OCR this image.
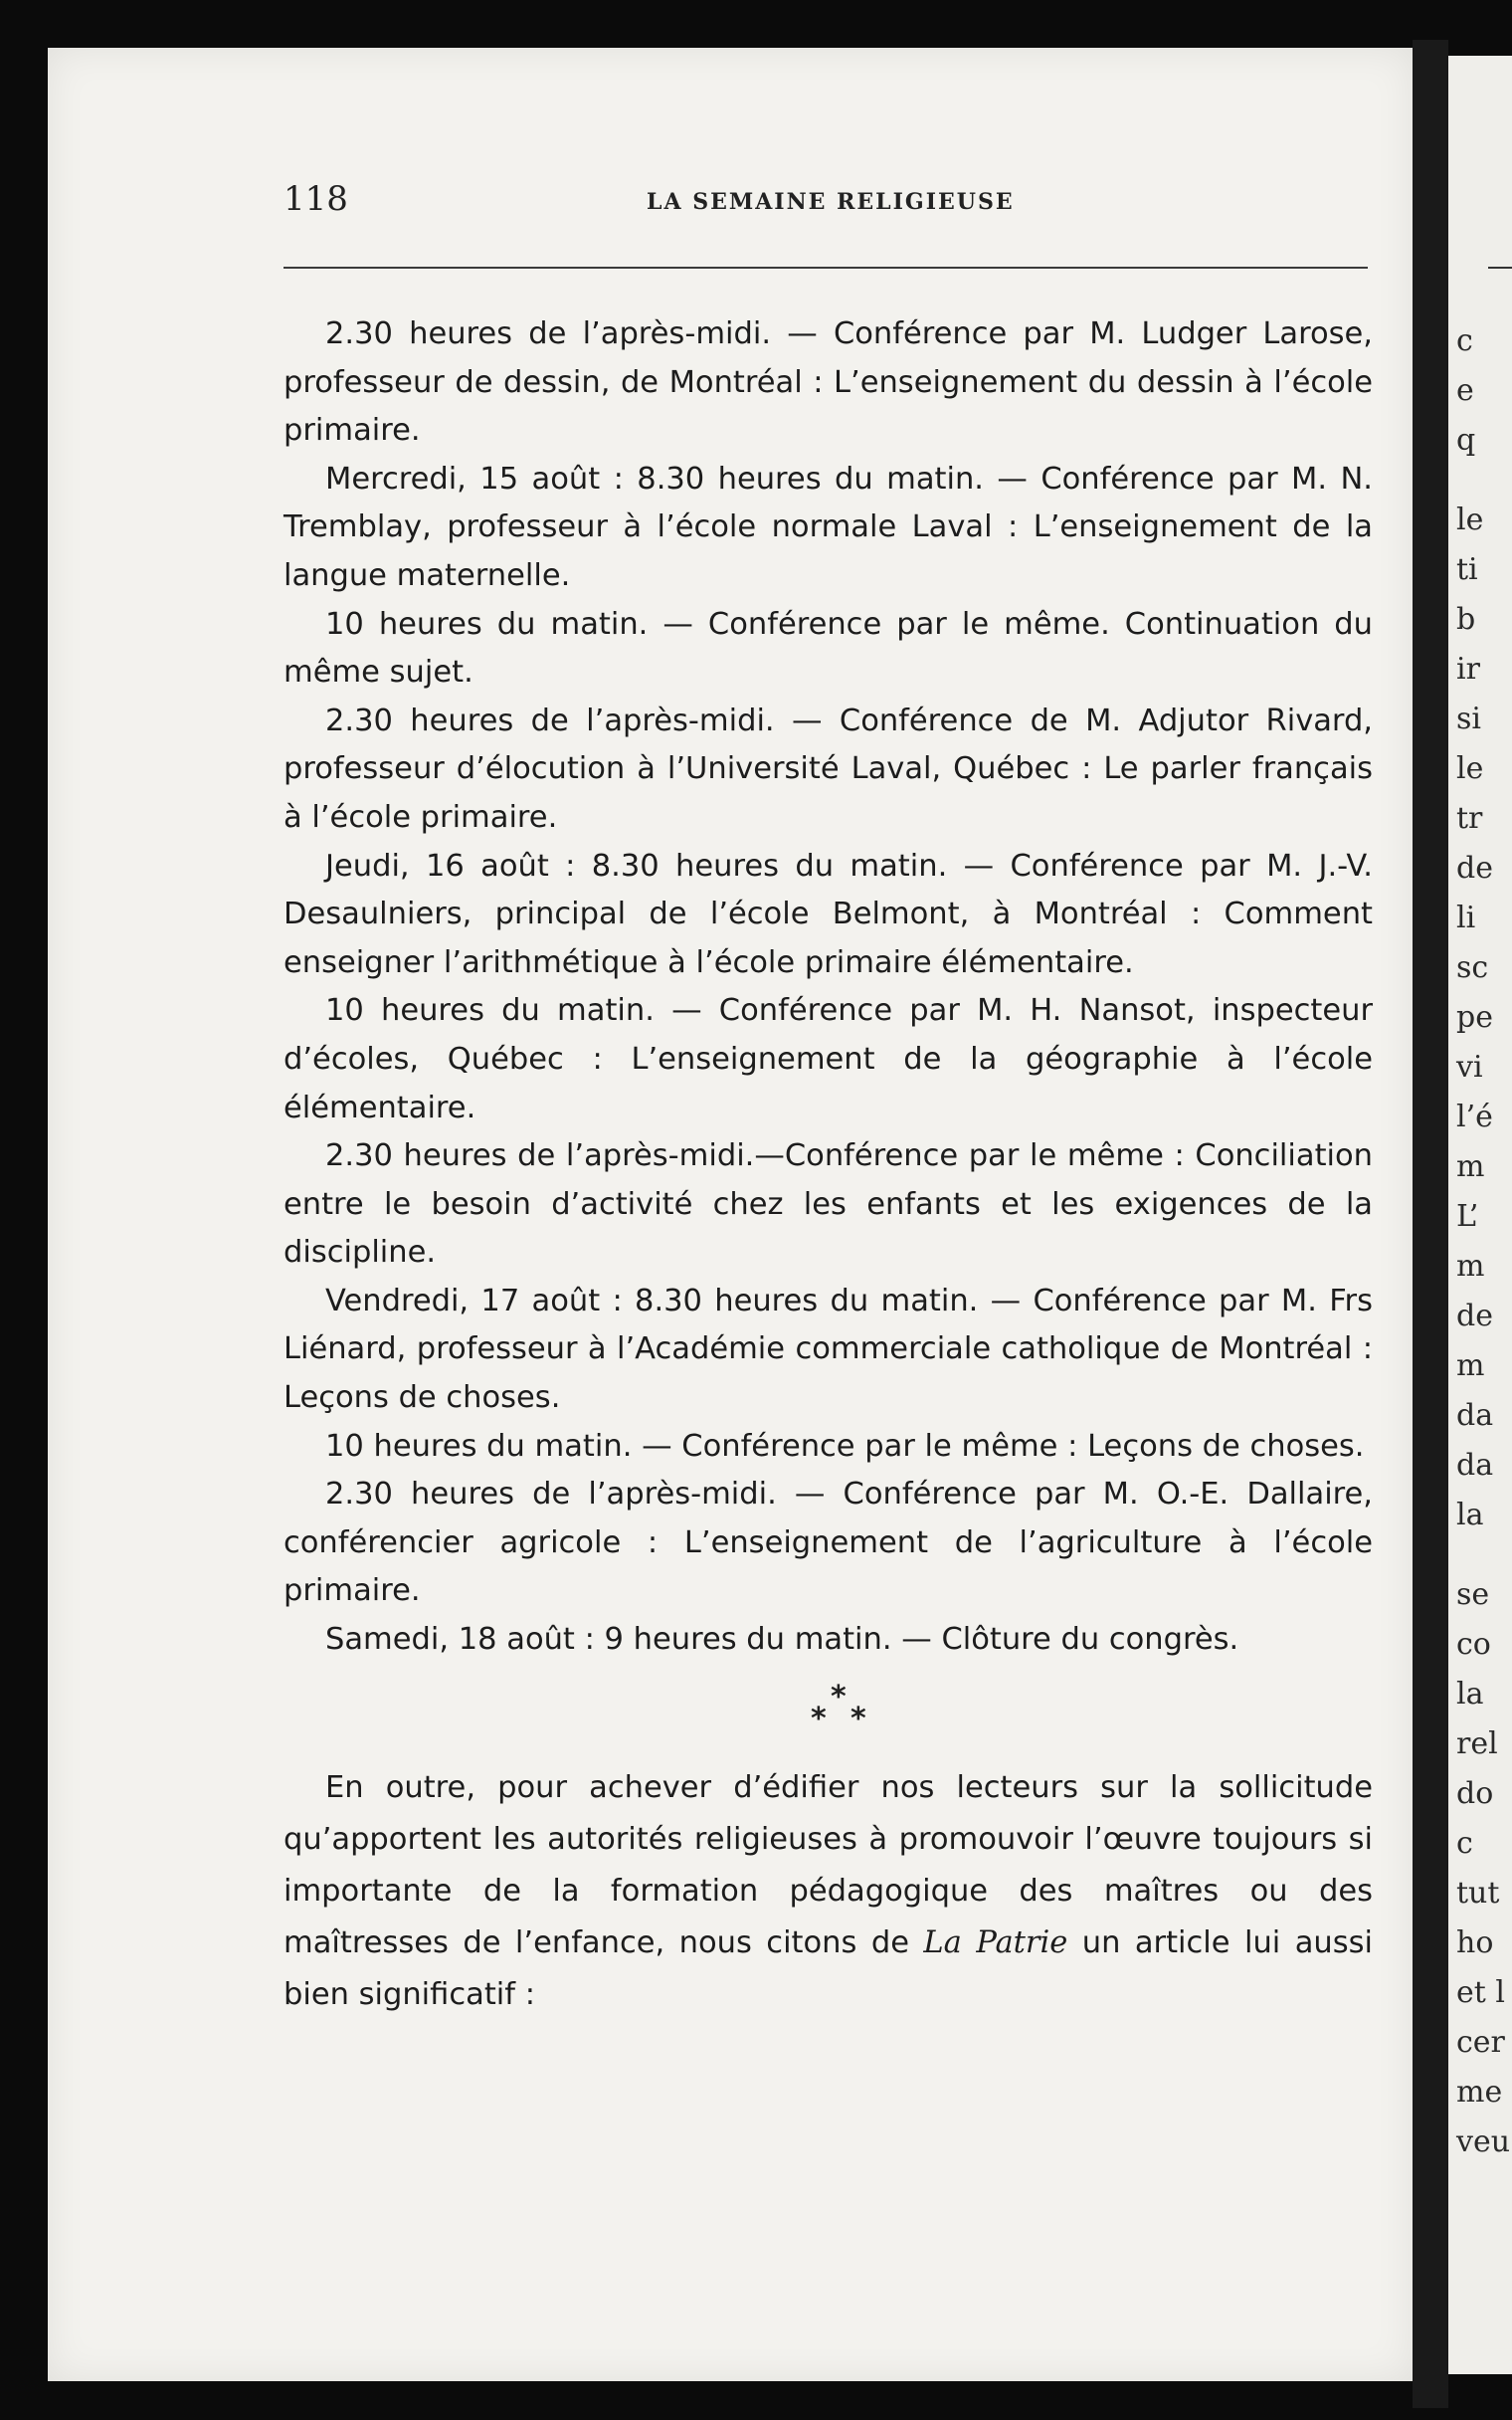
c
e
q
le
ti
b
ir
si
le
tr
de
li
sc
pe
vi
l’é
m
L’
m
de
m
da
da
la
se
co
la
rel
do
c
tut
ho
et l
cer
me
veu
118	LA SEMAINE RELIGIEUSE

2.30 heures de l’après-midi. — Conférence par M. Ludger Larose, professeur de dessin, de Montréal : L’enseignement du dessin à l’école primaire.

Mercredi, 15 août : 8.30 heures du matin. — Conférence par M. N. Tremblay, professeur à l’école normale Laval : L’enseignement de la langue maternelle.

10 heures du matin. — Conférence par le même. Continuation du même sujet.

2.30 heures de l’après-midi. — Conférence de M. Adjutor Rivard, professeur d’élocution à l’Université Laval, Québec : Le parler français à l’école primaire.

Jeudi, 16 août : 8.30 heures du matin. — Conférence par M. J.-V. Desaulniers, principal de l’école Belmont, à Montréal : Comment enseigner l’arithmétique à l’école primaire élémentaire.

10 heures du matin. — Conférence par M. H. Nansot, inspecteur d’écoles, Québec : L’enseignement de la géographie à l’école élémentaire.

2.30 heures de l’après-midi.—Conférence par le même : Conciliation entre le besoin d’activité chez les enfants et les exigences de la discipline.

Vendredi, 17 août : 8.30 heures du matin. — Conférence par M. Frs Liénard, professeur à l’Académie commerciale catholique de Montréal : Leçons de choses.

10 heures du matin. — Conférence par le même : Leçons de choses.

2.30 heures de l’après-midi. — Conférence par M. O.-E. Dallaire, conférencier agricole : L’enseignement de l’agriculture à l’école primaire.

Samedi, 18 août : 9 heures du matin. — Clôture du congrès.

*
* *

En outre, pour achever d’édifier nos lecteurs sur la sollicitude qu’apportent les autorités religieuses à promouvoir l’œuvre toujours si importante de la formation pédagogique des maîtres ou des maîtresses de l’enfance, nous citons de La Patrie un article lui aussi bien significatif :
